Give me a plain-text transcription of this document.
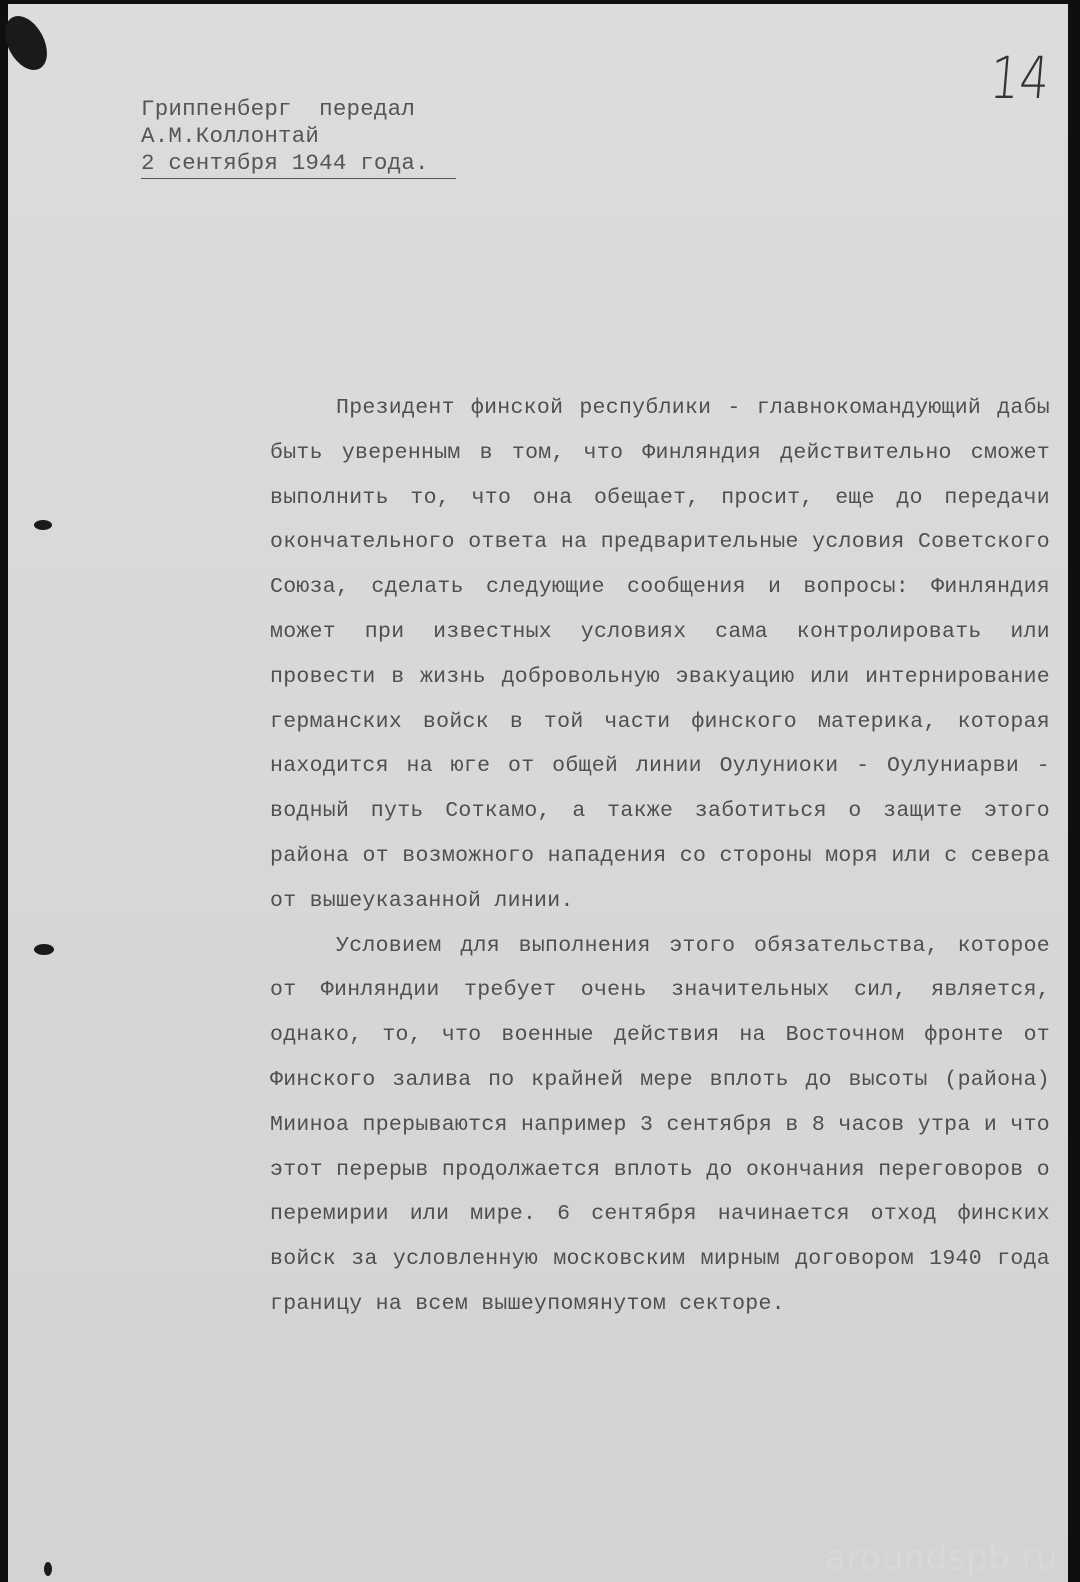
Гриппенберг  передал
А.М.Коллонтай
2 сентября 1944 года.
14

Президент финской республики - главнокомандующий дабы быть уверенным в том, что Финляндия действительно сможет выполнить то, что она обещает, просит, еще до передачи окончательного ответа на предварительные условия Советского Союза, сделать следующие сообщения и вопросы: Финляндия может при известных условиях сама контролировать или провести в жизнь добровольную эвакуацию или интернирование германских войск в той части финского материка, которая находится на юге от общей линии Оулуниоки - Оулуниарви - водный путь Соткамо, а также заботиться о защите этого района от возможного нападения со стороны моря или с севера от вышеуказанной линии.

Условием для выполнения этого обязательства, которое от Финляндии требует очень значительных сил, является, однако, то, что военные действия на Восточном фронте от Финского залива по крайней мере вплоть до высоты (района) Миинoа прерываются например 3 сентября в 8 часов утра и что этот перерыв продолжается вплоть до окончания переговоров о перемирии или мире. 6 сентября начинается отход финских войск за условленную московским мирным договором 1940 года границу на всем вышеупомянутом секторе.

aroundspb.ru
